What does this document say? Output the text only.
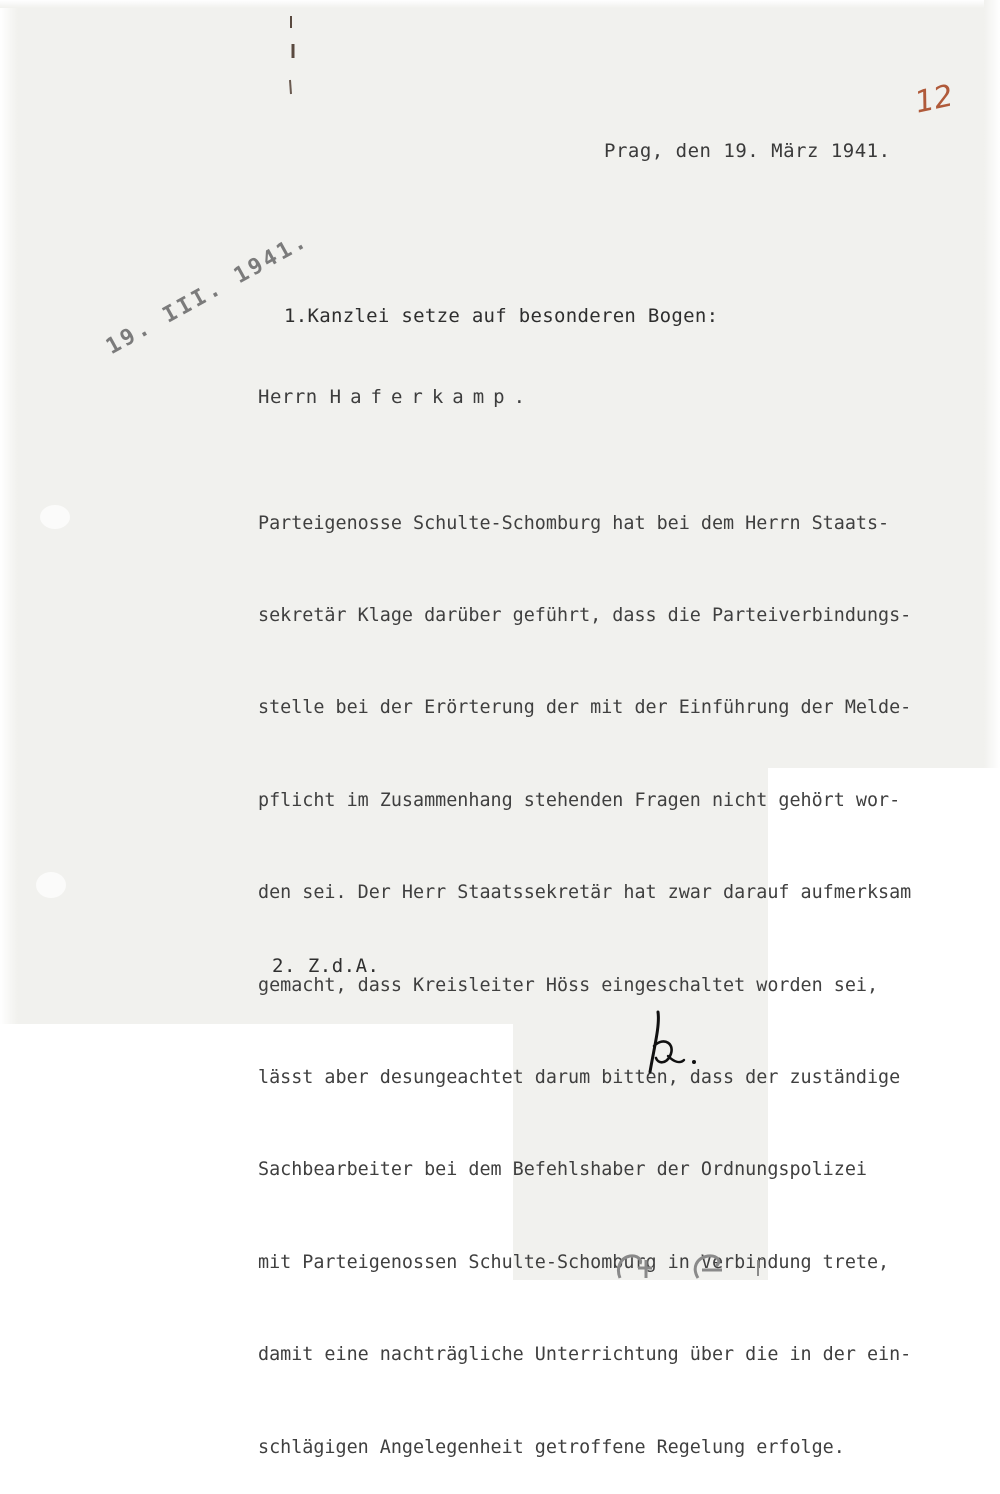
12
Prag, den 19. März 1941.
19. III. 1941.
1.Kanzlei setze auf besonderen Bogen:
Herrn Haferkamp.

Parteigenosse Schulte-Schomburg hat bei dem Herrn Staats-

sekretär Klage darüber geführt, dass die Parteiverbindungs-

stelle bei der Erörterung der mit der Einführung der Melde-

pflicht im Zusammenhang stehenden Fragen nicht gehört wor-

den sei. Der Herr Staatssekretär hat zwar darauf aufmerksam

gemacht, dass Kreisleiter Höss eingeschaltet worden sei,

lässt aber desungeachtet darum bitten, dass der zuständige

Sachbearbeiter bei dem Befehlshaber der Ordnungspolizei

mit Parteigenossen Schulte-Schomburg in Verbindung trete,

damit eine nachträgliche Unterrichtung über die in der ein-

schlägigen Angelegenheit getroffene Regelung erfolge.

2. Z.d.A.
